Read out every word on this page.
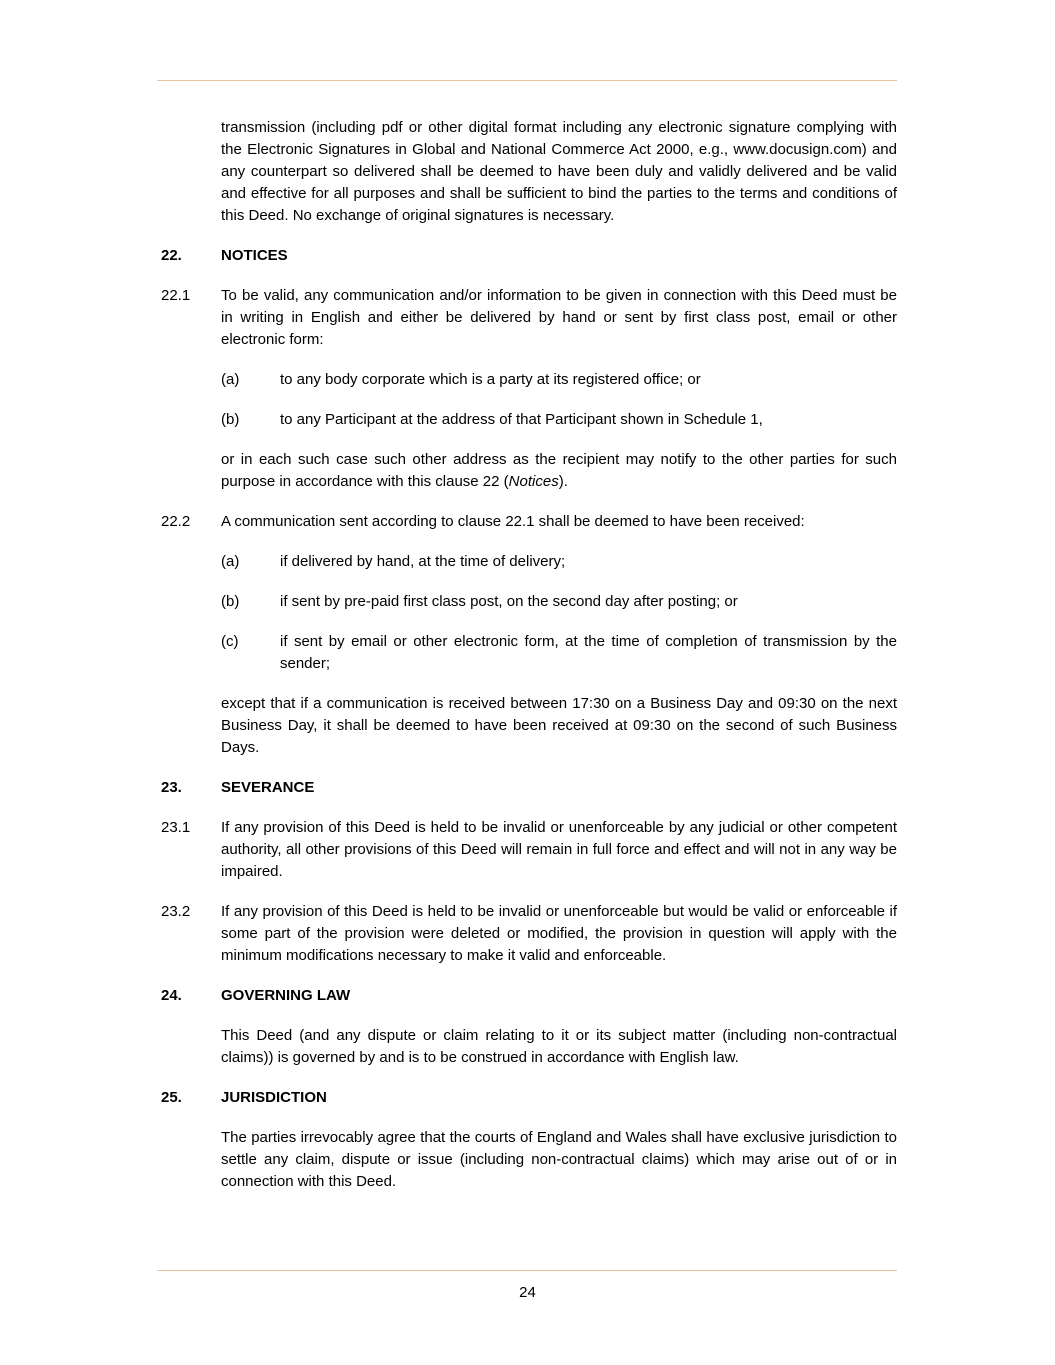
transmission (including pdf or other digital format including any electronic signature complying with the Electronic Signatures in Global and National Commerce Act 2000, e.g., www.docusign.com) and any counterpart so delivered shall be deemed to have been duly and validly delivered and be valid and effective for all purposes and shall be sufficient to bind the parties to the terms and conditions of this Deed. No exchange of original signatures is necessary.
22.	NOTICES
22.1	To be valid, any communication and/or information to be given in connection with this Deed must be in writing in English and either be delivered by hand or sent by first class post, email or other electronic form:
(a)	to any body corporate which is a party at its registered office; or
(b)	to any Participant at the address of that Participant shown in Schedule 1,
or in each such case such other address as the recipient may notify to the other parties for such purpose in accordance with this clause 22 (Notices).
22.2	A communication sent according to clause 22.1 shall be deemed to have been received:
(a)	if delivered by hand, at the time of delivery;
(b)	if sent by pre-paid first class post, on the second day after posting; or
(c)	if sent by email or other electronic form, at the time of completion of transmission by the sender;
except that if a communication is received between 17:30 on a Business Day and 09:30 on the next Business Day, it shall be deemed to have been received at 09:30 on the second of such Business Days.
23.	SEVERANCE
23.1	If any provision of this Deed is held to be invalid or unenforceable by any judicial or other competent authority, all other provisions of this Deed will remain in full force and effect and will not in any way be impaired.
23.2	If any provision of this Deed is held to be invalid or unenforceable but would be valid or enforceable if some part of the provision were deleted or modified, the provision in question will apply with the minimum modifications necessary to make it valid and enforceable.
24.	GOVERNING LAW
This Deed (and any dispute or claim relating to it or its subject matter (including non-contractual claims)) is governed by and is to be construed in accordance with English law.
25.	JURISDICTION
The parties irrevocably agree that the courts of England and Wales shall have exclusive jurisdiction to settle any claim, dispute or issue (including non-contractual claims) which may arise out of or in connection with this Deed.
24
